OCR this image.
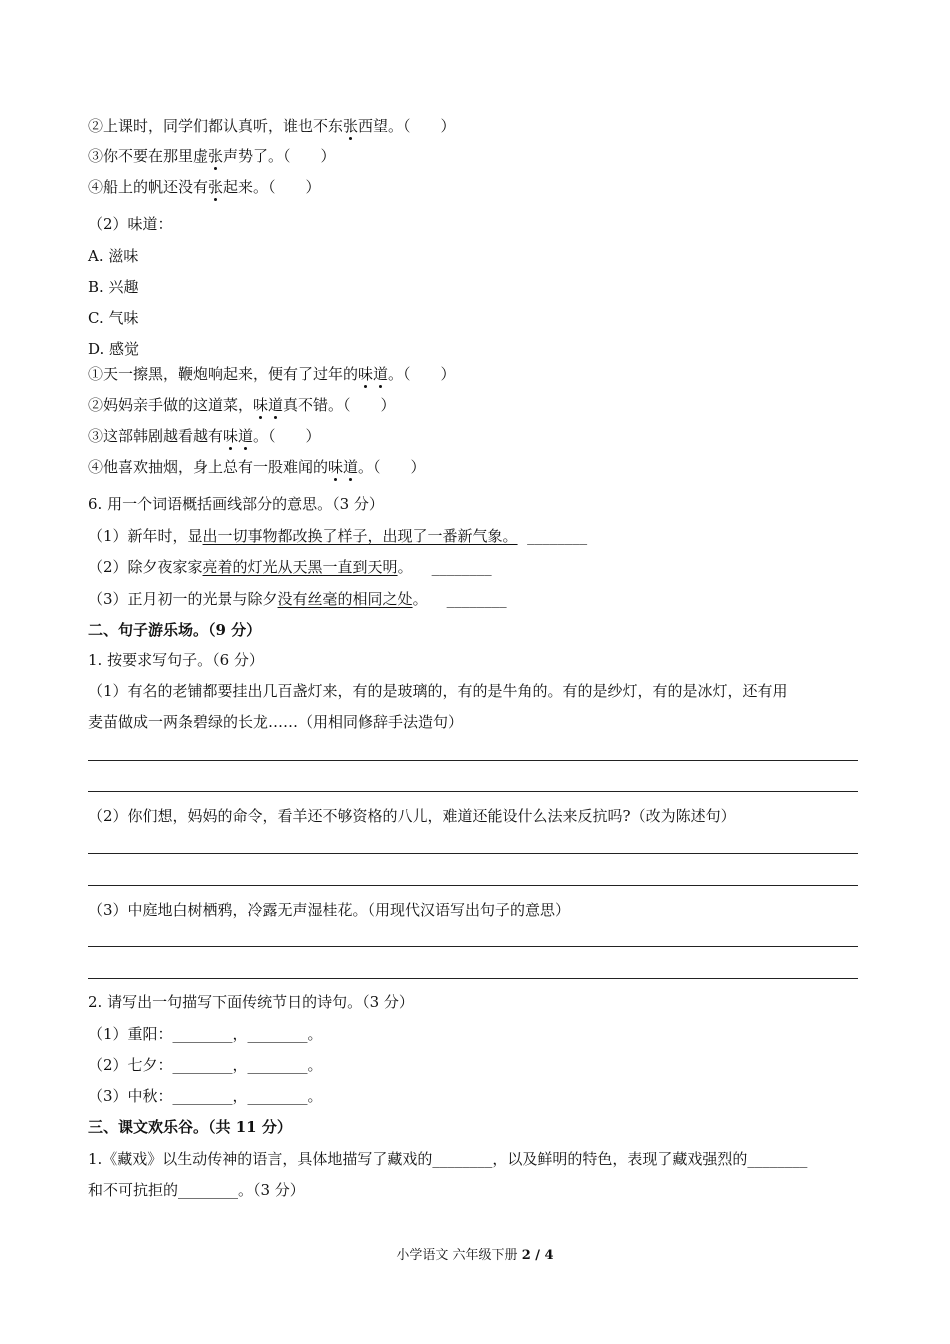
②上课时，同学们都认真听，谁也不东张西望。（　　）
③你不要在那里虚张声势了。（　　）
④船上的帆还没有张起来。（　　）
（2）味道：
A. 滋味
B. 兴趣
C. 气味
D. 感觉
①天一擦黑，鞭炮响起来，便有了过年的味道。（　　）
②妈妈亲手做的这道菜，味道真不错。（　　）
③这部韩剧越看越有味道。（　　）
④他喜欢抽烟，身上总有一股难闻的味道。（　　）
6. 用一个词语概括画线部分的意思。（3 分）
（1）新年时，显出一切事物都改换了样子，出现了一番新气象。 ________
（2）除夕夜家家亮着的灯光从天黑一直到天明。 ________
（3）正月初一的光景与除夕没有丝毫的相同之处。 ________
二、句子游乐场。（9 分）
1. 按要求写句子。（6 分）
（1）有名的老铺都要挂出几百盏灯来，有的是玻璃的，有的是牛角的。有的是纱灯，有的是冰灯，还有用
麦苗做成一两条碧绿的长龙……（用相同修辞手法造句）
（2）你们想，妈妈的命令，看羊还不够资格的八儿，难道还能设什么法来反抗吗?（改为陈述句）
（3）中庭地白树栖鸦，冷露无声湿桂花。（用现代汉语写出句子的意思）
2. 请写出一句描写下面传统节日的诗句。（3 分）
（1）重阳：________，________。
（2）七夕：________，________。
（3）中秋：________，________。
三、课文欢乐谷。（共 11 分）
1.《藏戏》以生动传神的语言，具体地描写了藏戏的________，以及鲜明的特色，表现了藏戏强烈的________
和不可抗拒的________。（3 分）
小学语文 六年级下册 2 / 4
